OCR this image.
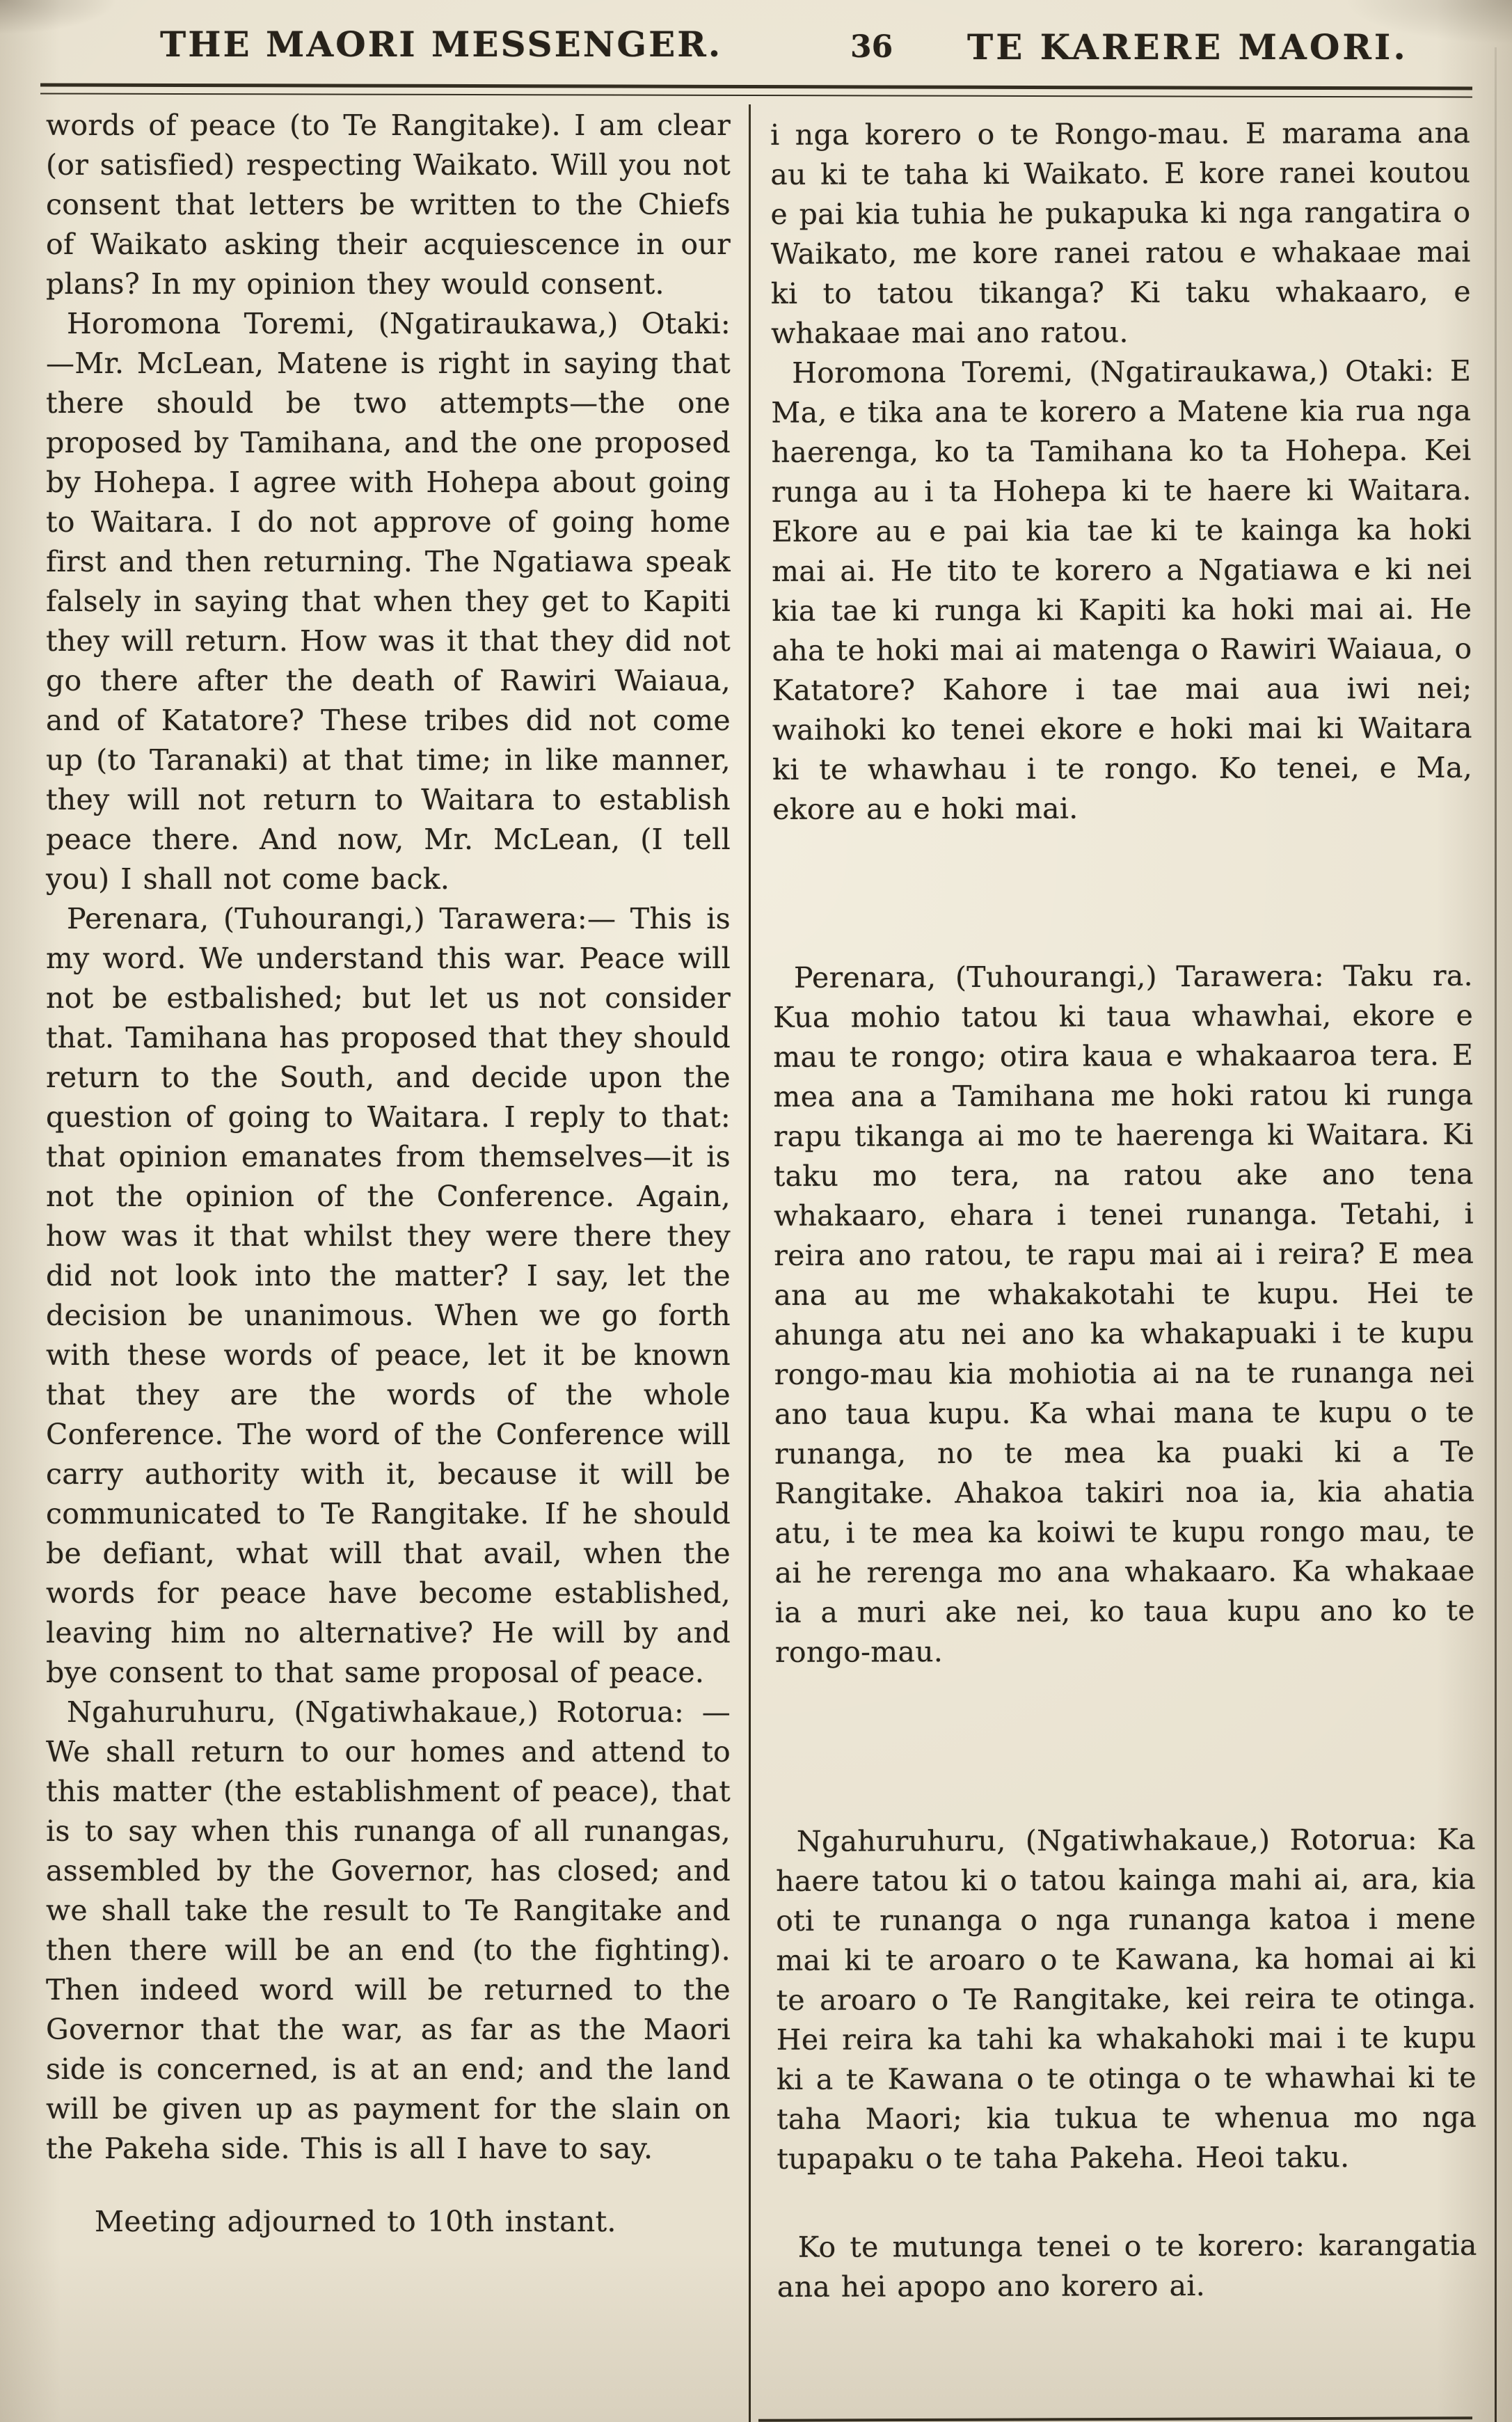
THE MAORI MESSENGER.	36 TE KARERE MAORI.

words of peace (to Te Rangitake). I am clear (or satisfied) respecting Waikato. Will you not consent that letters be written to the Chiefs of Waikato asking their acquiescence in our plans? In my opinion they would consent.

Horomona Toremi, (Ngatiraukawa,) Otaki: —Mr. McLean, Matene is right in saying that there should be two attempts—the one proposed by Tamihana, and the one proposed by Hohepa. I agree with Hohepa about going to Waitara. I do not approve of going home first and then returning. The Ngatiawa speak falsely in saying that when they get to Kapiti they will return. How was it that they did not go there after the death of Rawiri Waiaua, and of Katatore? These tribes did not come up (to Taranaki) at that time; in like manner, they will not return to Waitara to establish peace there. And now, Mr. McLean, (I tell you) I shall not come back.

Perenara, (Tuhourangi,) Tarawera:— This is my word. We understand this war. Peace will not be estbalished; but let us not consider that. Tamihana has proposed that they should return to the South, and decide upon the question of going to Waitara. I reply to that: that opinion emanates from themselves—it is not the opinion of the Conference. Again, how was it that whilst they were there they did not look into the matter? I say, let the decision be unanimous. When we go forth with these words of peace, let it be known that they are the words of the whole Conference. The word of the Conference will carry authority with it, because it will be communicated to Te Rangitake. If he should be defiant, what will that avail, when the words for peace have become established, leaving him no alternative? He will by and bye consent to that same proposal of peace.

Ngahuruhuru, (Ngatiwhakaue,) Rotorua: —We shall return to our homes and attend to this matter (the establishment of peace), that is to say when this runanga of all runangas, assembled by the Governor, has closed; and we shall take the result to Te Rangitake and then there will be an end (to the fighting). Then indeed word will be returned to the Governor that the war, as far as the Maori side is concerned, is at an end; and the land will be given up as payment for the slain on the Pakeha side. This is all I have to say.

Meeting adjourned to 10th instant.

i nga korero o te Rongo-mau. E marama ana au ki te taha ki Waikato. E kore ranei koutou e pai kia tuhia he pukapuka ki nga rangatira o Waikato, me kore ranei ratou e whakaae mai ki to tatou tikanga? Ki taku whakaaro, e whakaae mai ano ratou.

Horomona Toremi, (Ngatiraukawa,) Otaki: E Ma, e tika ana te korero a Matene kia rua nga haerenga, ko ta Tamihana ko ta Hohepa. Kei runga au i ta Hohepa ki te haere ki Waitara. Ekore au e pai kia tae ki te kainga ka hoki mai ai. He tito te korero a Ngatiawa e ki nei kia tae ki runga ki Kapiti ka hoki mai ai. He aha te hoki mai ai matenga o Rawiri Waiaua, o Katatore? Kahore i tae mai aua iwi nei; waihoki ko tenei ekore e hoki mai ki Waitara ki te whawhau i te rongo. Ko tenei, e Ma, ekore au e hoki mai.

Perenara, (Tuhourangi,) Tarawera: Taku ra. Kua mohio tatou ki taua whawhai, ekore e mau te rongo; otira kaua e whakaaroa tera. E mea ana a Tamihana me hoki ratou ki runga rapu tikanga ai mo te haerenga ki Waitara. Ki taku mo tera, na ratou ake ano tena whakaaro, ehara i tenei runanga. Tetahi, i reira ano ratou, te rapu mai ai i reira? E mea ana au me whakakotahi te kupu. Hei te ahunga atu nei ano ka whakapuaki i te kupu rongo-mau kia mohiotia ai na te runanga nei ano taua kupu. Ka whai mana te kupu o te runanga, no te mea ka puaki ki a Te Rangitake. Ahakoa takiri noa ia, kia ahatia atu, i te mea ka koiwi te kupu rongo mau, te ai he rerenga mo ana whakaaro. Ka whakaae ia a muri ake nei, ko taua kupu ano ko te rongo-mau.

Ngahuruhuru, (Ngatiwhakaue,) Rotorua: Ka haere tatou ki o tatou kainga mahi ai, ara, kia oti te runanga o nga runanga katoa i mene mai ki te aroaro o te Kawana, ka homai ai ki te aroaro o Te Rangitake, kei reira te otinga. Hei reira ka tahi ka whakahoki mai i te kupu ki a te Kawana o te otinga o te whawhai ki te taha Maori; kia tukua te whenua mo nga tupapaku o te taha Pakeha. Heoi taku.

Ko te mutunga tenei o te korero: karangatia ana hei apopo ano korero ai.
